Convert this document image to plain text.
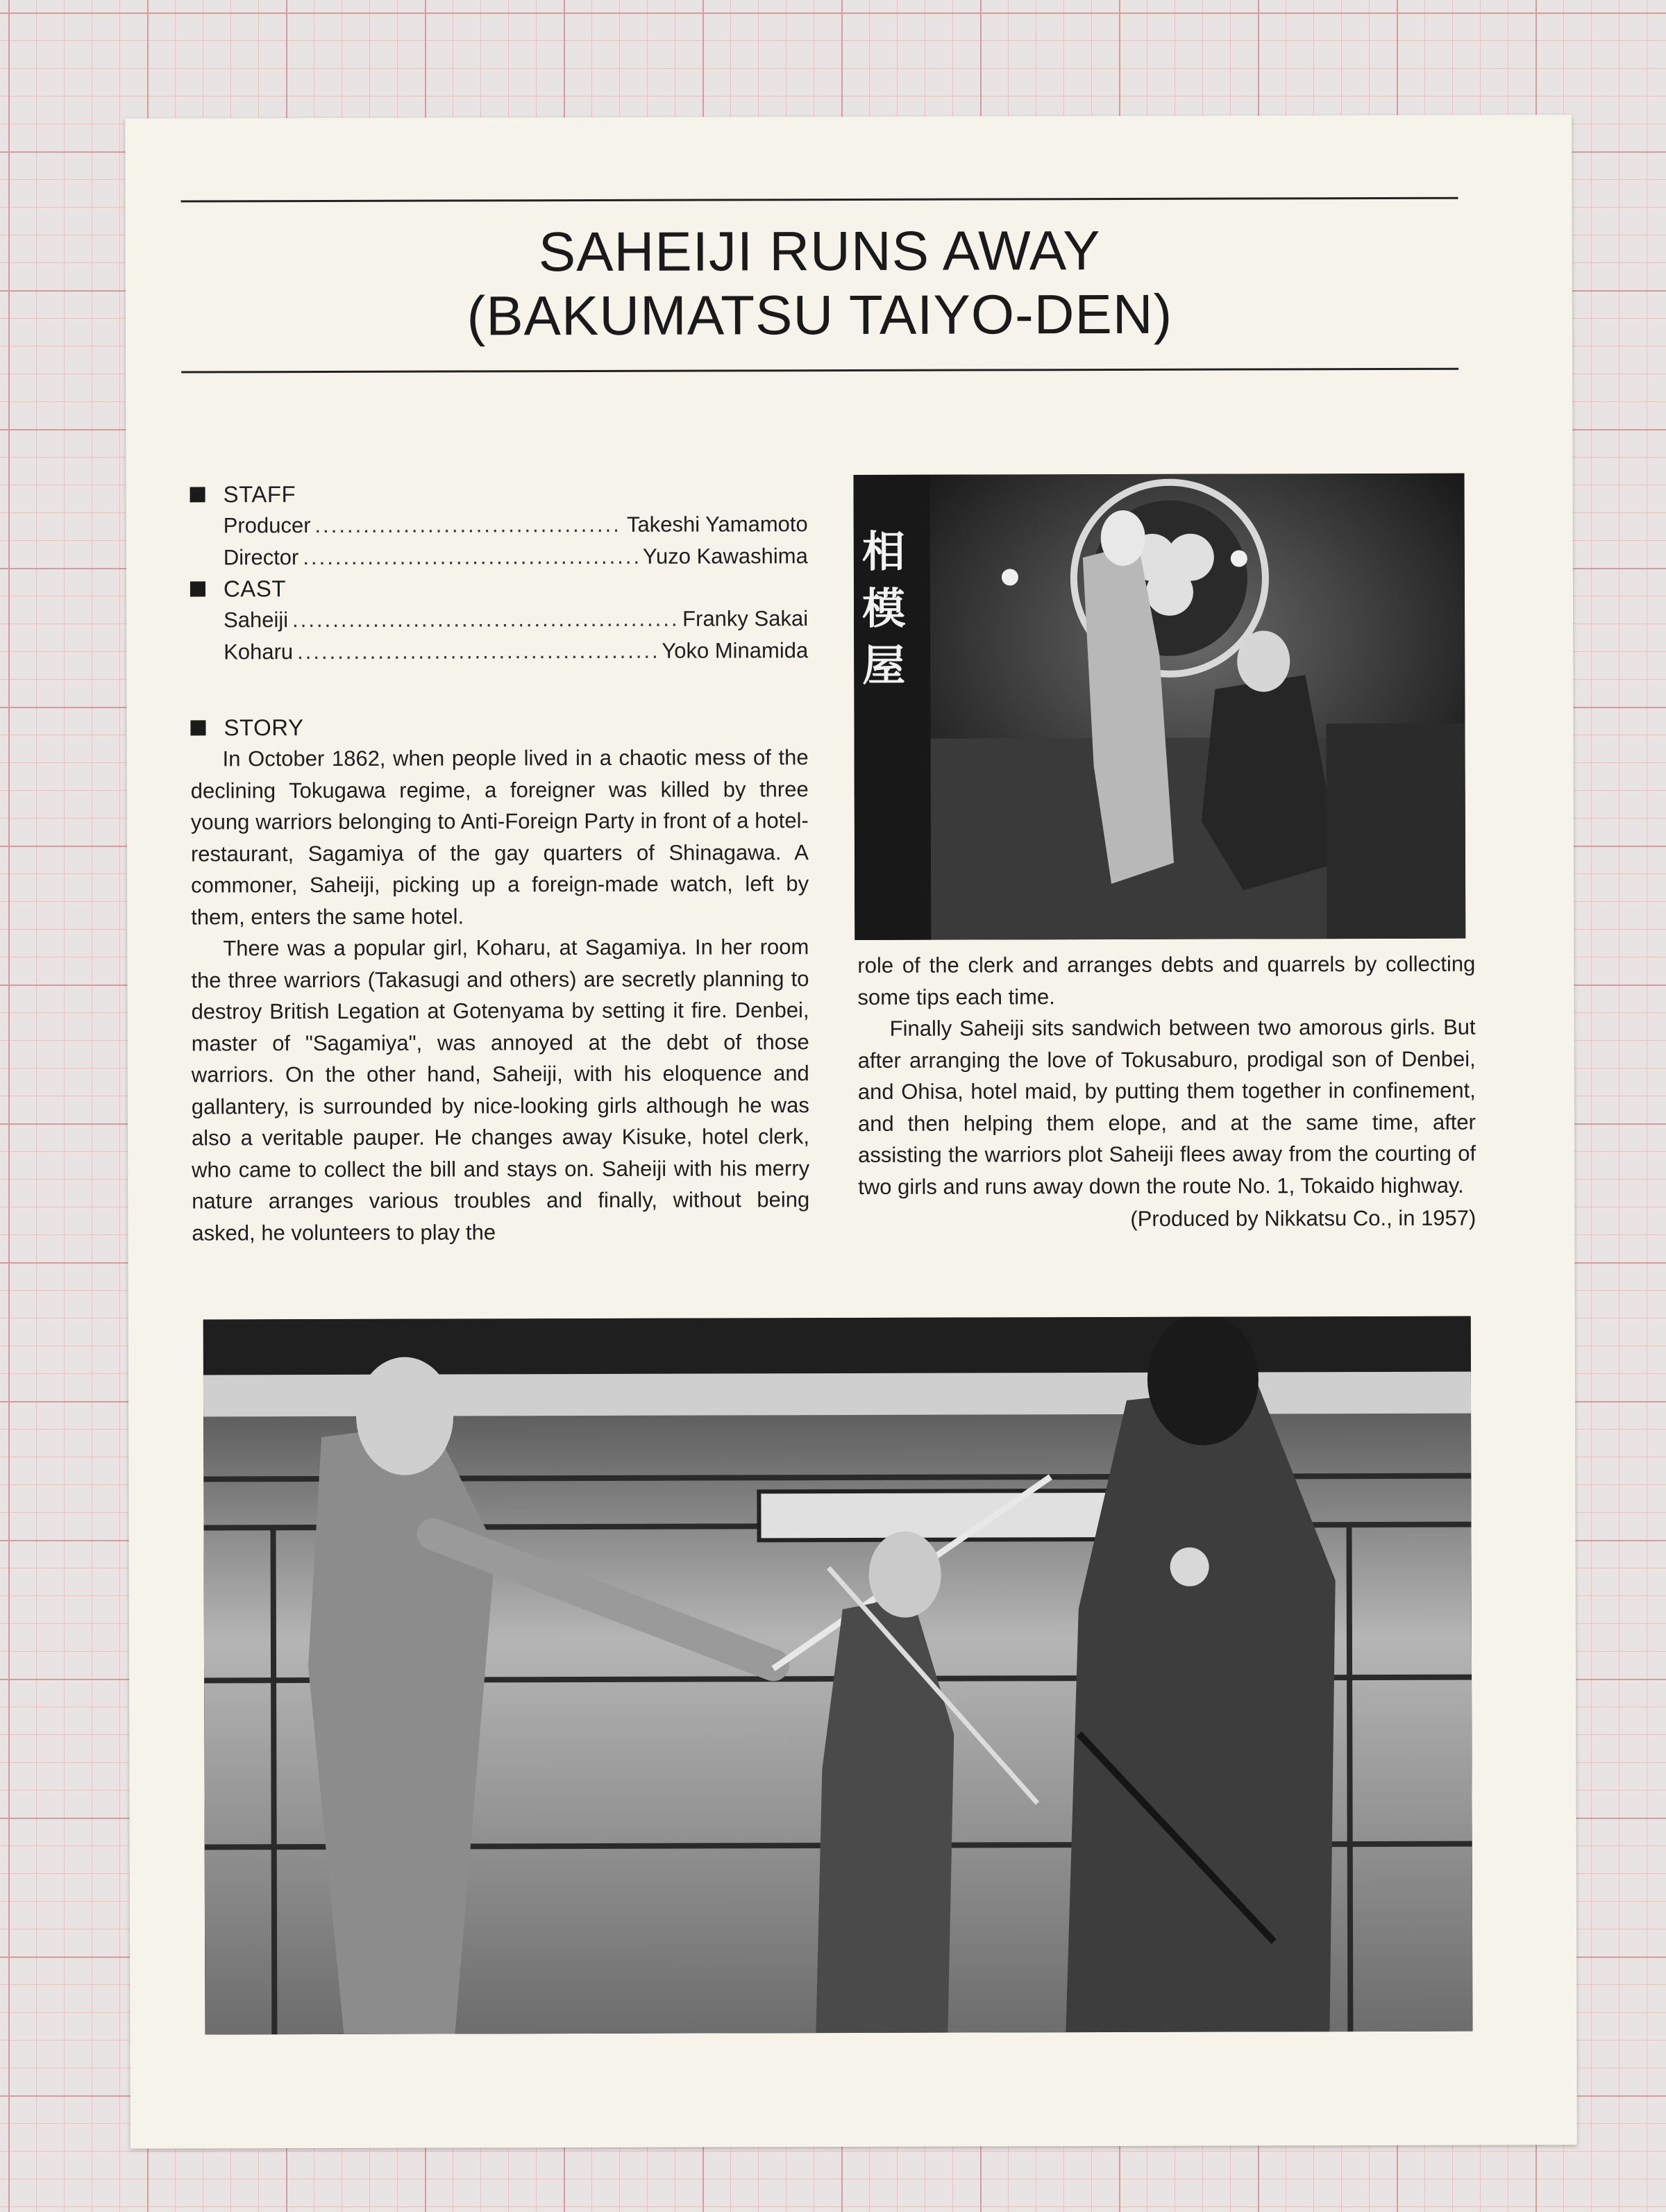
SAHEIJI RUNS AWAY
(BAKUMATSU TAIYO-DEN)
STAFF
Producer .....	Takeshi Yamamoto
Director .....	Yuzo Kawashima
CAST
Saheiji .....	Franky Sakai
Koharu .....	Yoko Minamida
STORY

In October 1862, when people lived in a chaotic mess of the declining Tokugawa regime, a foreigner was killed by three young warriors belonging to Anti-Foreign Party in front of a hotel-restaurant, Sagamiya of the gay quarters of Shinagawa. A commoner, Saheiji, picking up a foreign-made watch, left by them, enters the same hotel.

There was a popular girl, Koharu, at Sagamiya. In her room the three warriors (Takasugi and others) are secretly planning to destroy British Legation at Gotenyama by setting it fire. Denbei, master of "Sagamiya", was annoyed at the debt of those warriors. On the other hand, Saheiji, with his eloquence and gallantery, is surrounded by nice-looking girls although he was also a veritable pauper. He changes away Kisuke, hotel clerk, who came to collect the bill and stays on. Saheiji with his merry nature arranges various troubles and finally, without being asked, he volunteers to play the

相模屋

role of the clerk and arranges debts and quarrels by collecting some tips each time.

Finally Saheiji sits sandwich between two amorous girls. But after arranging the love of Tokusaburo, prodigal son of Denbei, and Ohisa, hotel maid, by putting them together in confinement, and then helping them elope, and at the same time, after assisting the warriors plot Saheiji flees away from the courting of two girls and runs away down the route No. 1, Tokaido highway.

(Produced by Nikkatsu Co., in 1957)
